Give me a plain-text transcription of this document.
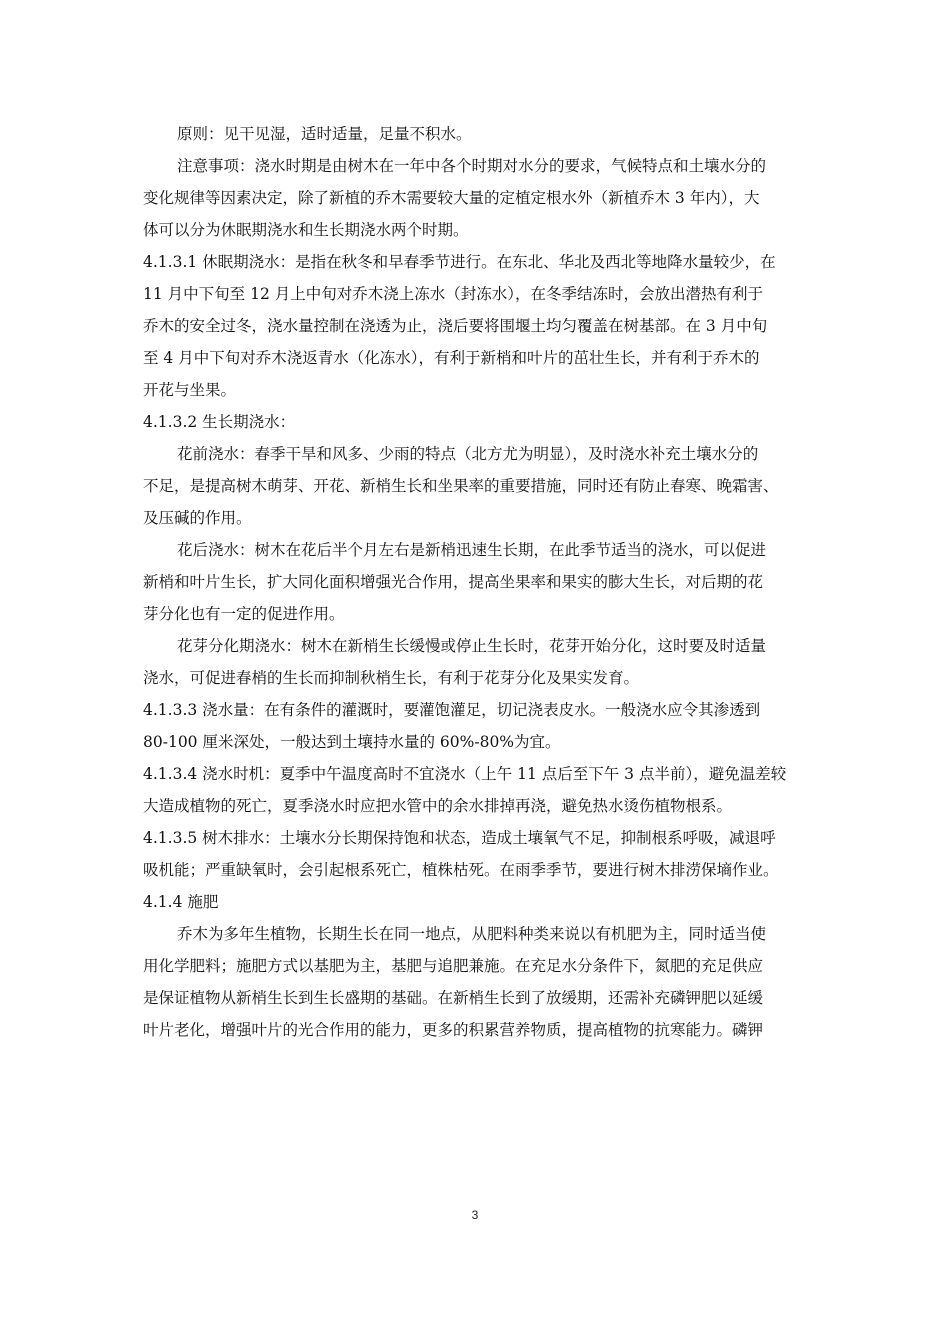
原则：见干见湿，适时适量，足量不积水。
注意事项：浇水时期是由树木在一年中各个时期对水分的要求，气候特点和土壤水分的
变化规律等因素决定，除了新植的乔木需要较大量的定植定根水外（新植乔木 3 年内），大
体可以分为休眠期浇水和生长期浇水两个时期。
4.1.3.1 休眠期浇水：是指在秋冬和早春季节进行。在东北、华北及西北等地降水量较少，在
11 月中下旬至 12 月上中旬对乔木浇上冻水（封冻水），在冬季结冻时，会放出潜热有利于
乔木的安全过冬，浇水量控制在浇透为止，浇后要将围堰土均匀覆盖在树基部。在 3 月中旬
至 4 月中下旬对乔木浇返青水（化冻水），有利于新梢和叶片的茁壮生长，并有利于乔木的
开花与坐果。
4.1.3.2 生长期浇水：
花前浇水：春季干旱和风多、少雨的特点（北方尤为明显），及时浇水补充土壤水分的
不足，是提高树木萌芽、开花、新梢生长和坐果率的重要措施，同时还有防止春寒、晚霜害、
及压碱的作用。
花后浇水：树木在花后半个月左右是新梢迅速生长期，在此季节适当的浇水，可以促进
新梢和叶片生长，扩大同化面积增强光合作用，提高坐果率和果实的膨大生长，对后期的花
芽分化也有一定的促进作用。
花芽分化期浇水：树木在新梢生长缓慢或停止生长时，花芽开始分化，这时要及时适量
浇水，可促进春梢的生长而抑制秋梢生长，有利于花芽分化及果实发育。
4.1.3.3 浇水量：在有条件的灌溉时，要灌饱灌足，切记浇表皮水。一般浇水应令其渗透到
80-100 厘米深处，一般达到土壤持水量的 60%-80%为宜。
4.1.3.4 浇水时机：夏季中午温度高时不宜浇水（上午 11 点后至下午 3 点半前），避免温差较
大造成植物的死亡，夏季浇水时应把水管中的余水排掉再浇，避免热水烫伤植物根系。
4.1.3.5 树木排水：土壤水分长期保持饱和状态，造成土壤氧气不足，抑制根系呼吸，减退呼
吸机能；严重缺氧时，会引起根系死亡，植株枯死。在雨季季节，要进行树木排涝保墒作业。
4.1.4 施肥
乔木为多年生植物，长期生长在同一地点，从肥料种类来说以有机肥为主，同时适当使
用化学肥料；施肥方式以基肥为主，基肥与追肥兼施。在充足水分条件下，氮肥的充足供应
是保证植物从新梢生长到生长盛期的基础。在新梢生长到了放缓期，还需补充磷钾肥以延缓
叶片老化，增强叶片的光合作用的能力，更多的积累营养物质，提高植物的抗寒能力。磷钾
3
